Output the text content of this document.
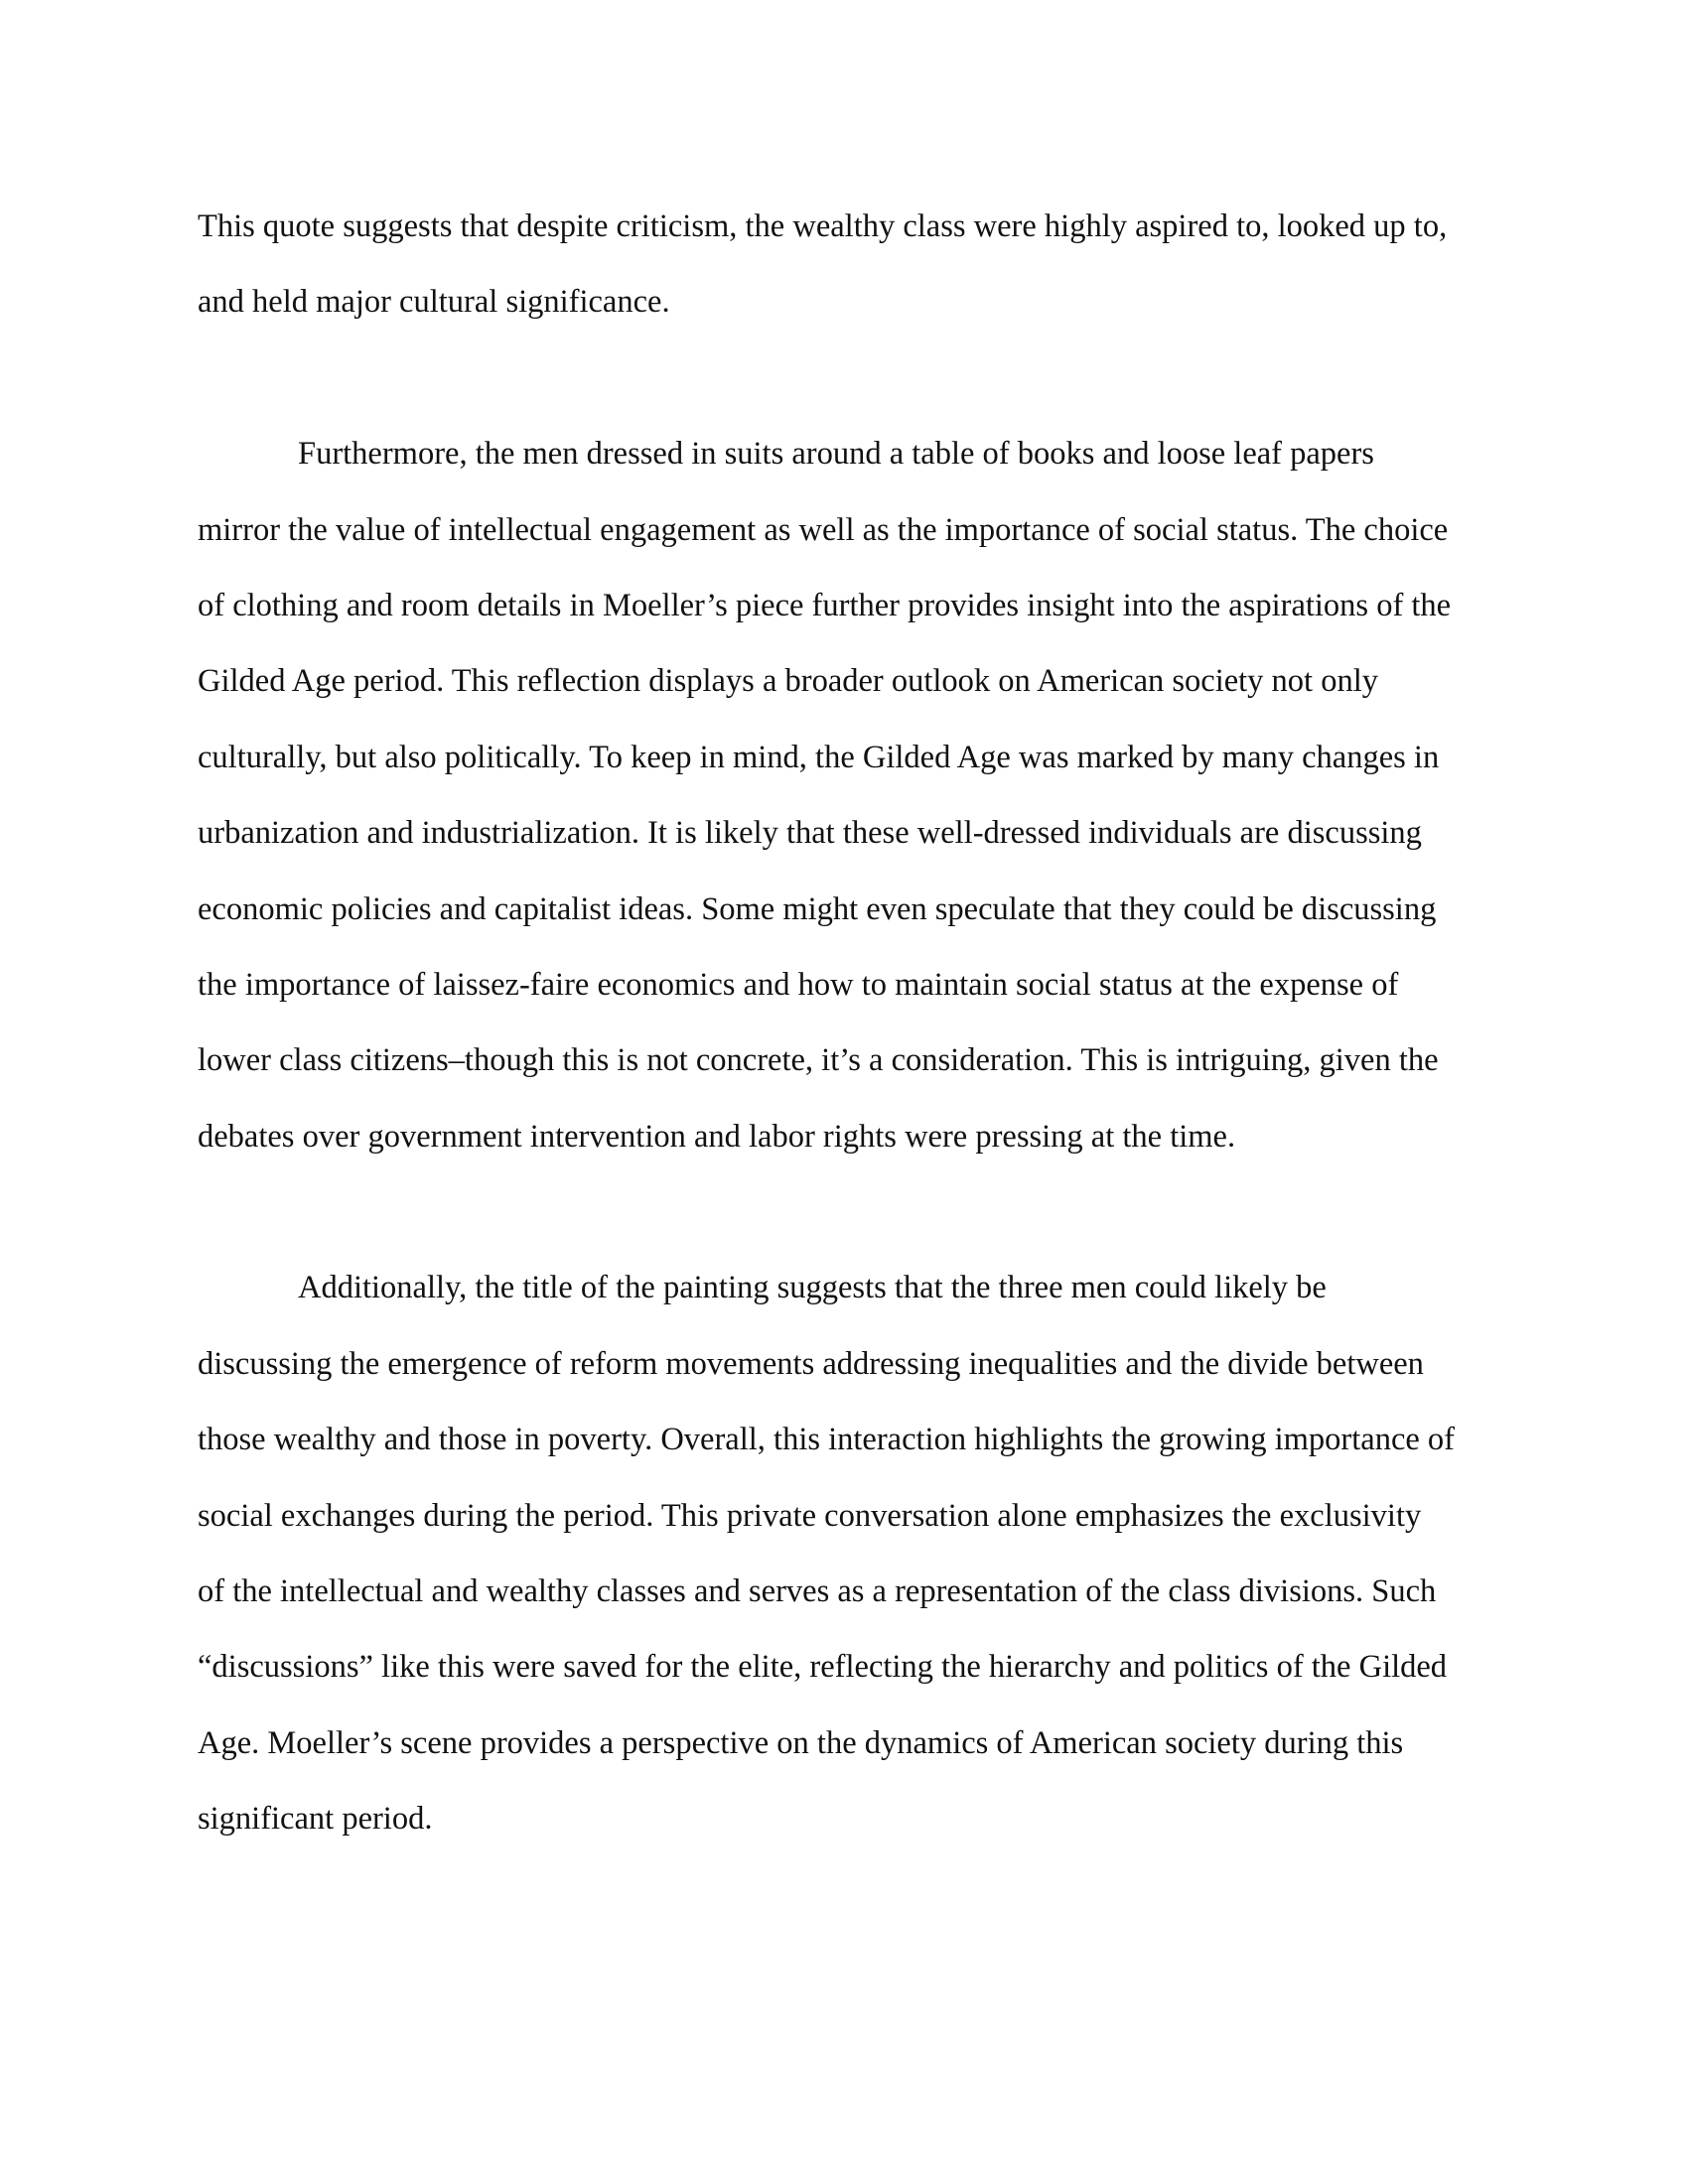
This quote suggests that despite criticism, the wealthy class were highly aspired to, looked up to,
and held major cultural significance.

Furthermore, the men dressed in suits around a table of books and loose leaf papers
mirror the value of intellectual engagement as well as the importance of social status. The choice
of clothing and room details in Moeller’s piece further provides insight into the aspirations of the
Gilded Age period. This reflection displays a broader outlook on American society not only
culturally, but also politically. To keep in mind, the Gilded Age was marked by many changes in
urbanization and industrialization. It is likely that these well-dressed individuals are discussing
economic policies and capitalist ideas. Some might even speculate that they could be discussing
the importance of laissez-faire economics and how to maintain social status at the expense of
lower class citizens–though this is not concrete, it’s a consideration. This is intriguing, given the
debates over government intervention and labor rights were pressing at the time.

Additionally, the title of the painting suggests that the three men could likely be
discussing the emergence of reform movements addressing inequalities and the divide between
those wealthy and those in poverty. Overall, this interaction highlights the growing importance of
social exchanges during the period. This private conversation alone emphasizes the exclusivity
of the intellectual and wealthy classes and serves as a representation of the class divisions. Such
“discussions” like this were saved for the elite, reflecting the hierarchy and politics of the Gilded
Age. Moeller’s scene provides a perspective on the dynamics of American society during this
significant period.
